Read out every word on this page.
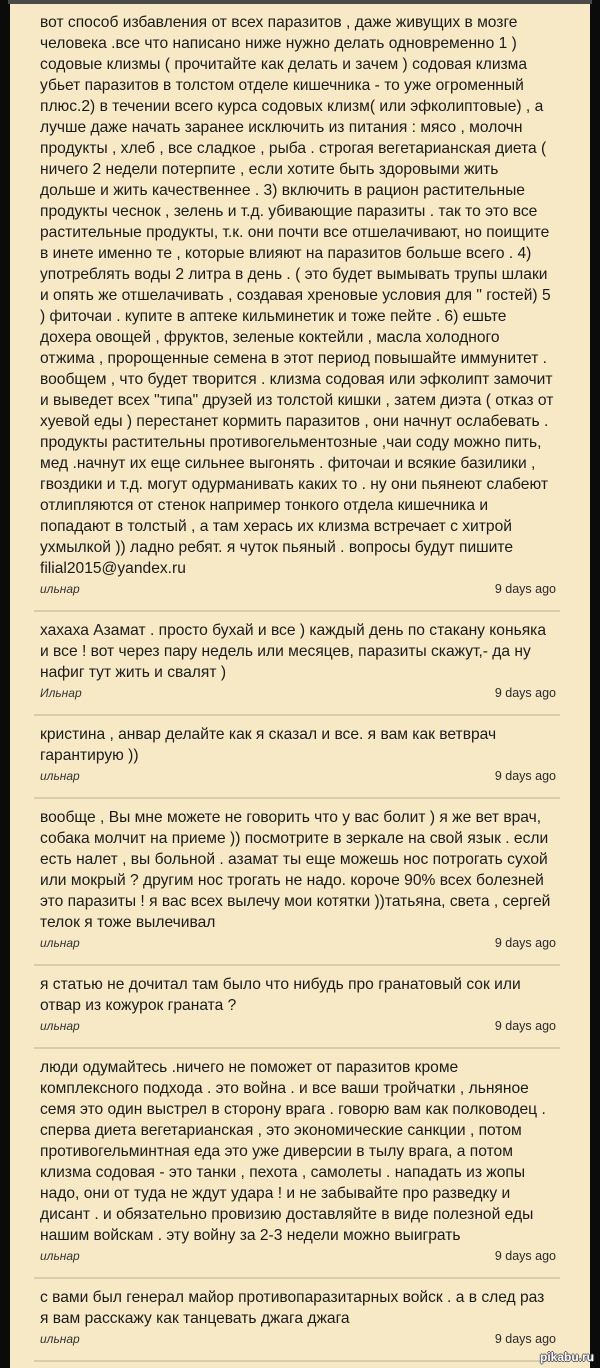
вот способ избавления от всех паразитов , даже живущих в мозге человека .все что написано ниже нужно делать одновременно 1 ) содовые клизмы ( прочитайте как делать и зачем ) содовая клизма убьет паразитов в толстом отделе кишечника - то уже огроменный плюс.2) в течении всего курса содовых клизм( или эфколиптовые) , а лучше даже начать заранее исключить из питания : мясо , молочн продукты , хлеб , все сладкое , рыба . строгая вегетарианская диета ( ничего 2 недели потерпите , если хотите быть здоровыми жить дольше и жить качественнее . 3) включить в рацион растительные продукты чеснок , зелень и т.д. убивающие паразиты . так то это все растительные продукты, т.к. они почти все отшелачивают, но поищите в инете именно те , которые влияют на паразитов больше всего . 4) употреблять воды 2 литра в день . ( это будет вымывать трупы шлаки и опять же отшелачивать , создавая хреновые условия для " гостей) 5 ) фиточаи . купите в аптеке кильминетик и тоже пейте . 6) ешьте дохера овощей , фруктов, зеленые коктейли , масла холодного отжима , пророщенные семена в этот период повышайте иммунитет . вообщем , что будет творится . клизма содовая или эфколипт замочит и выведет всех "типа" друзей из толстой кишки , затем диэта ( отказ от хуевой еды ) перестанет кормить паразитов , они начнут ослабевать . продукты растительны противогельментозные ,чаи соду можно пить, мед .начнут их еще сильнее выгонять . фиточаи и всякие базилики , гвоздики и т.д. могут одурманивать каких то . ну они пьянеют слабеют отлипляются от стенок например тонкого отдела кишечника и попадают в толстый , а там херась их клизма встречает с хитрой ухмылкой )) ладно ребят. я чуток пьяный . вопросы будут пишите filial2015@yandex.ru
ильнар	9 days ago
хахаха Азамат . просто бухай и все ) каждый день по стакану коньяка и все ! вот через пару недель или месяцев, паразиты скажут,- да ну нафиг тут жить и свалят )
Ильнар	9 days ago
кристина , анвар делайте как я сказал и все. я вам как ветврач гарантирую ))
ильнар	9 days ago
вообще , Вы мне можете не говорить что у вас болит ) я же вет врач, собака молчит на приеме )) посмотрите в зеркале на свой язык . если есть налет , вы больной . азамат ты еще можешь нос потрогать сухой или мокрый ? другим нос трогать не надо. короче 90% всех болезней это паразиты ! я вас всех вылечу мои котятки ))татьяна, света , сергей телок я тоже вылечивал
ильнар	9 days ago
я статью не дочитал там было что нибудь про гранатовый сок или отвар из кожурок граната ?
ильнар	9 days ago
люди одумайтесь .ничего не поможет от паразитов кроме комплексного подхода . это война . и все ваши тройчатки , льняное семя это один выстрел в сторону врага . говорю вам как полководец . сперва диета вегетарианская , это экономические санкции , потом противогельминтная еда это уже диверсии в тылу врага, а потом клизма содовая - это танки , пехота , самолеты . нападать из жопы надо, они от туда не ждут удара ! и не забывайте про разведку и дисант . и обязательно провизию доставляйте в виде полезной еды нашим войскам . эту войну за 2-3 недели можно выиграть
ильнар	9 days ago
с вами был генерал майор противопаразитарных войск . а в след раз я вам расскажу как танцевать джага джага
ильнар	9 days ago
pikabu.ru
